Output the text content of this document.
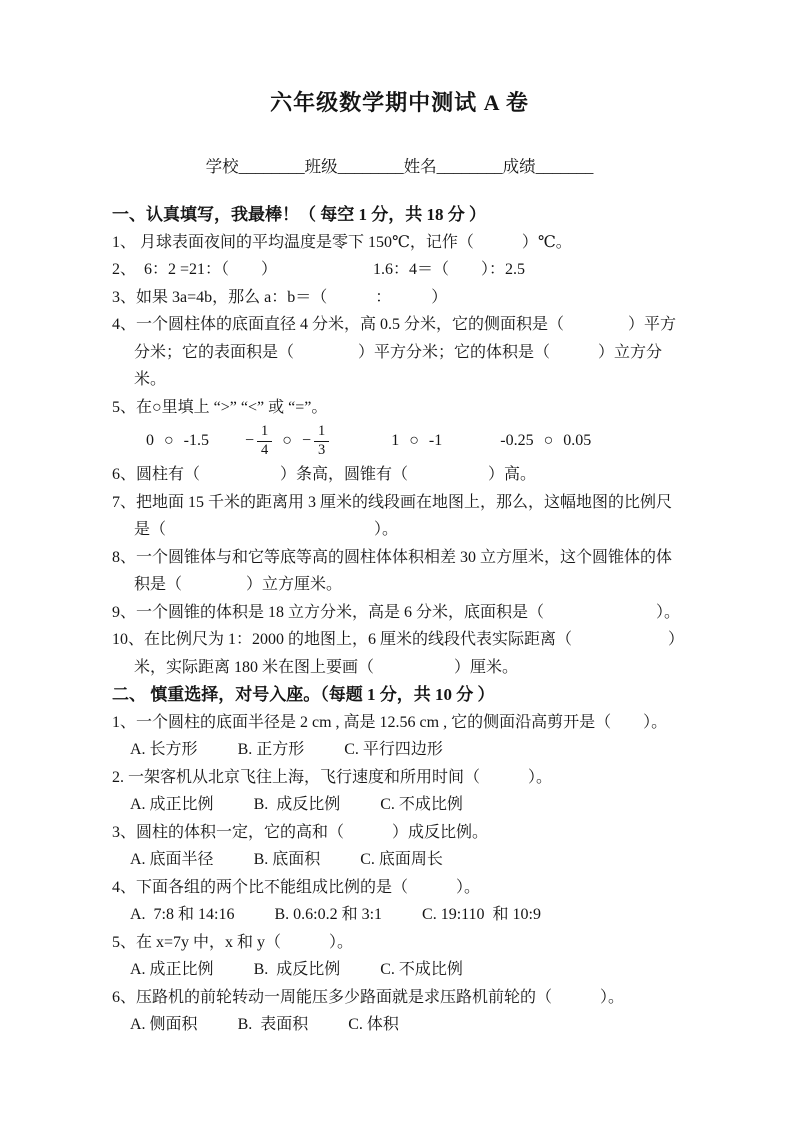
六年级数学期中测试 A 卷
学校________班级________姓名________成绩_______
一、认真填写，我最棒！（ 每空 1 分，共 18 分 ）
1、 月球表面夜间的平均温度是零下 150℃，记作（　　　）℃。
2、  6：2 =21：（　　）	1.6：4＝（　　）：2.5
3、如果 3a=4b，那么 a：b＝（　　　：　　　）
4、一个圆柱体的底面直径 4 分米，高 0.5 分米，它的侧面积是（　　　　）平方
分米；它的表面积是（　　　　）平方分米；它的体积是（　　　）立方分米。
5、在○里填上 “>” “<” 或 “=”。
0 ○ $-1.5 - \frac{1}{4}$ ○ − $\frac{1}{3}$	1 ○ -1	-0.25 ○ 0.05
6、圆柱有（　　　　　）条高，圆锥有（　　　　　）高。
7、把地面 15 千米的距离用 3 厘米的线段画在地图上，那么，这幅地图的比例尺
是（　　　　　　　　　　　　　）。
8、一个圆锥体与和它等底等高的圆柱体体积相差 30 立方厘米，这个圆锥体的体
积是（　　　　）立方厘米。
9、一个圆锥的体积是 18 立方分米，高是 6 分米，底面积是（　　　　　　　）。
10、在比例尺为 1：2000 的地图上，6 厘米的线段代表实际距离（　　　　　　）
米，实际距离 180 米在图上要画（　　　　　）厘米。
二、 慎重选择，对号入座。（每题 1 分，共 10 分 ）
1、一个圆柱的底面半径是 2 cm , 高是 12.56 cm , 它的侧面沿高剪开是（　　）。
A. 长方形	B. 正方形	C. 平行四边形
2. 一架客机从北京飞往上海，飞行速度和所用时间（　　　）。
A. 成正比例	B.  成反比例	C. 不成比例
3、圆柱的体积一定，它的高和（　　　）成反比例。
A. 底面半径	B. 底面积	C. 底面周长
4、下面各组的两个比不能组成比例的是（　　　）。
A.  7:8 和 14:16	B. 0.6:0.2 和 3:1	C. 19:110  和 10:9
5、在 x=7y 中，x 和 y（　　　）。
A. 成正比例	B.  成反比例	C. 不成比例
6、压路机的前轮转动一周能压多少路面就是求压路机前轮的（　　　）。
A. 侧面积	B.  表面积	C. 体积
